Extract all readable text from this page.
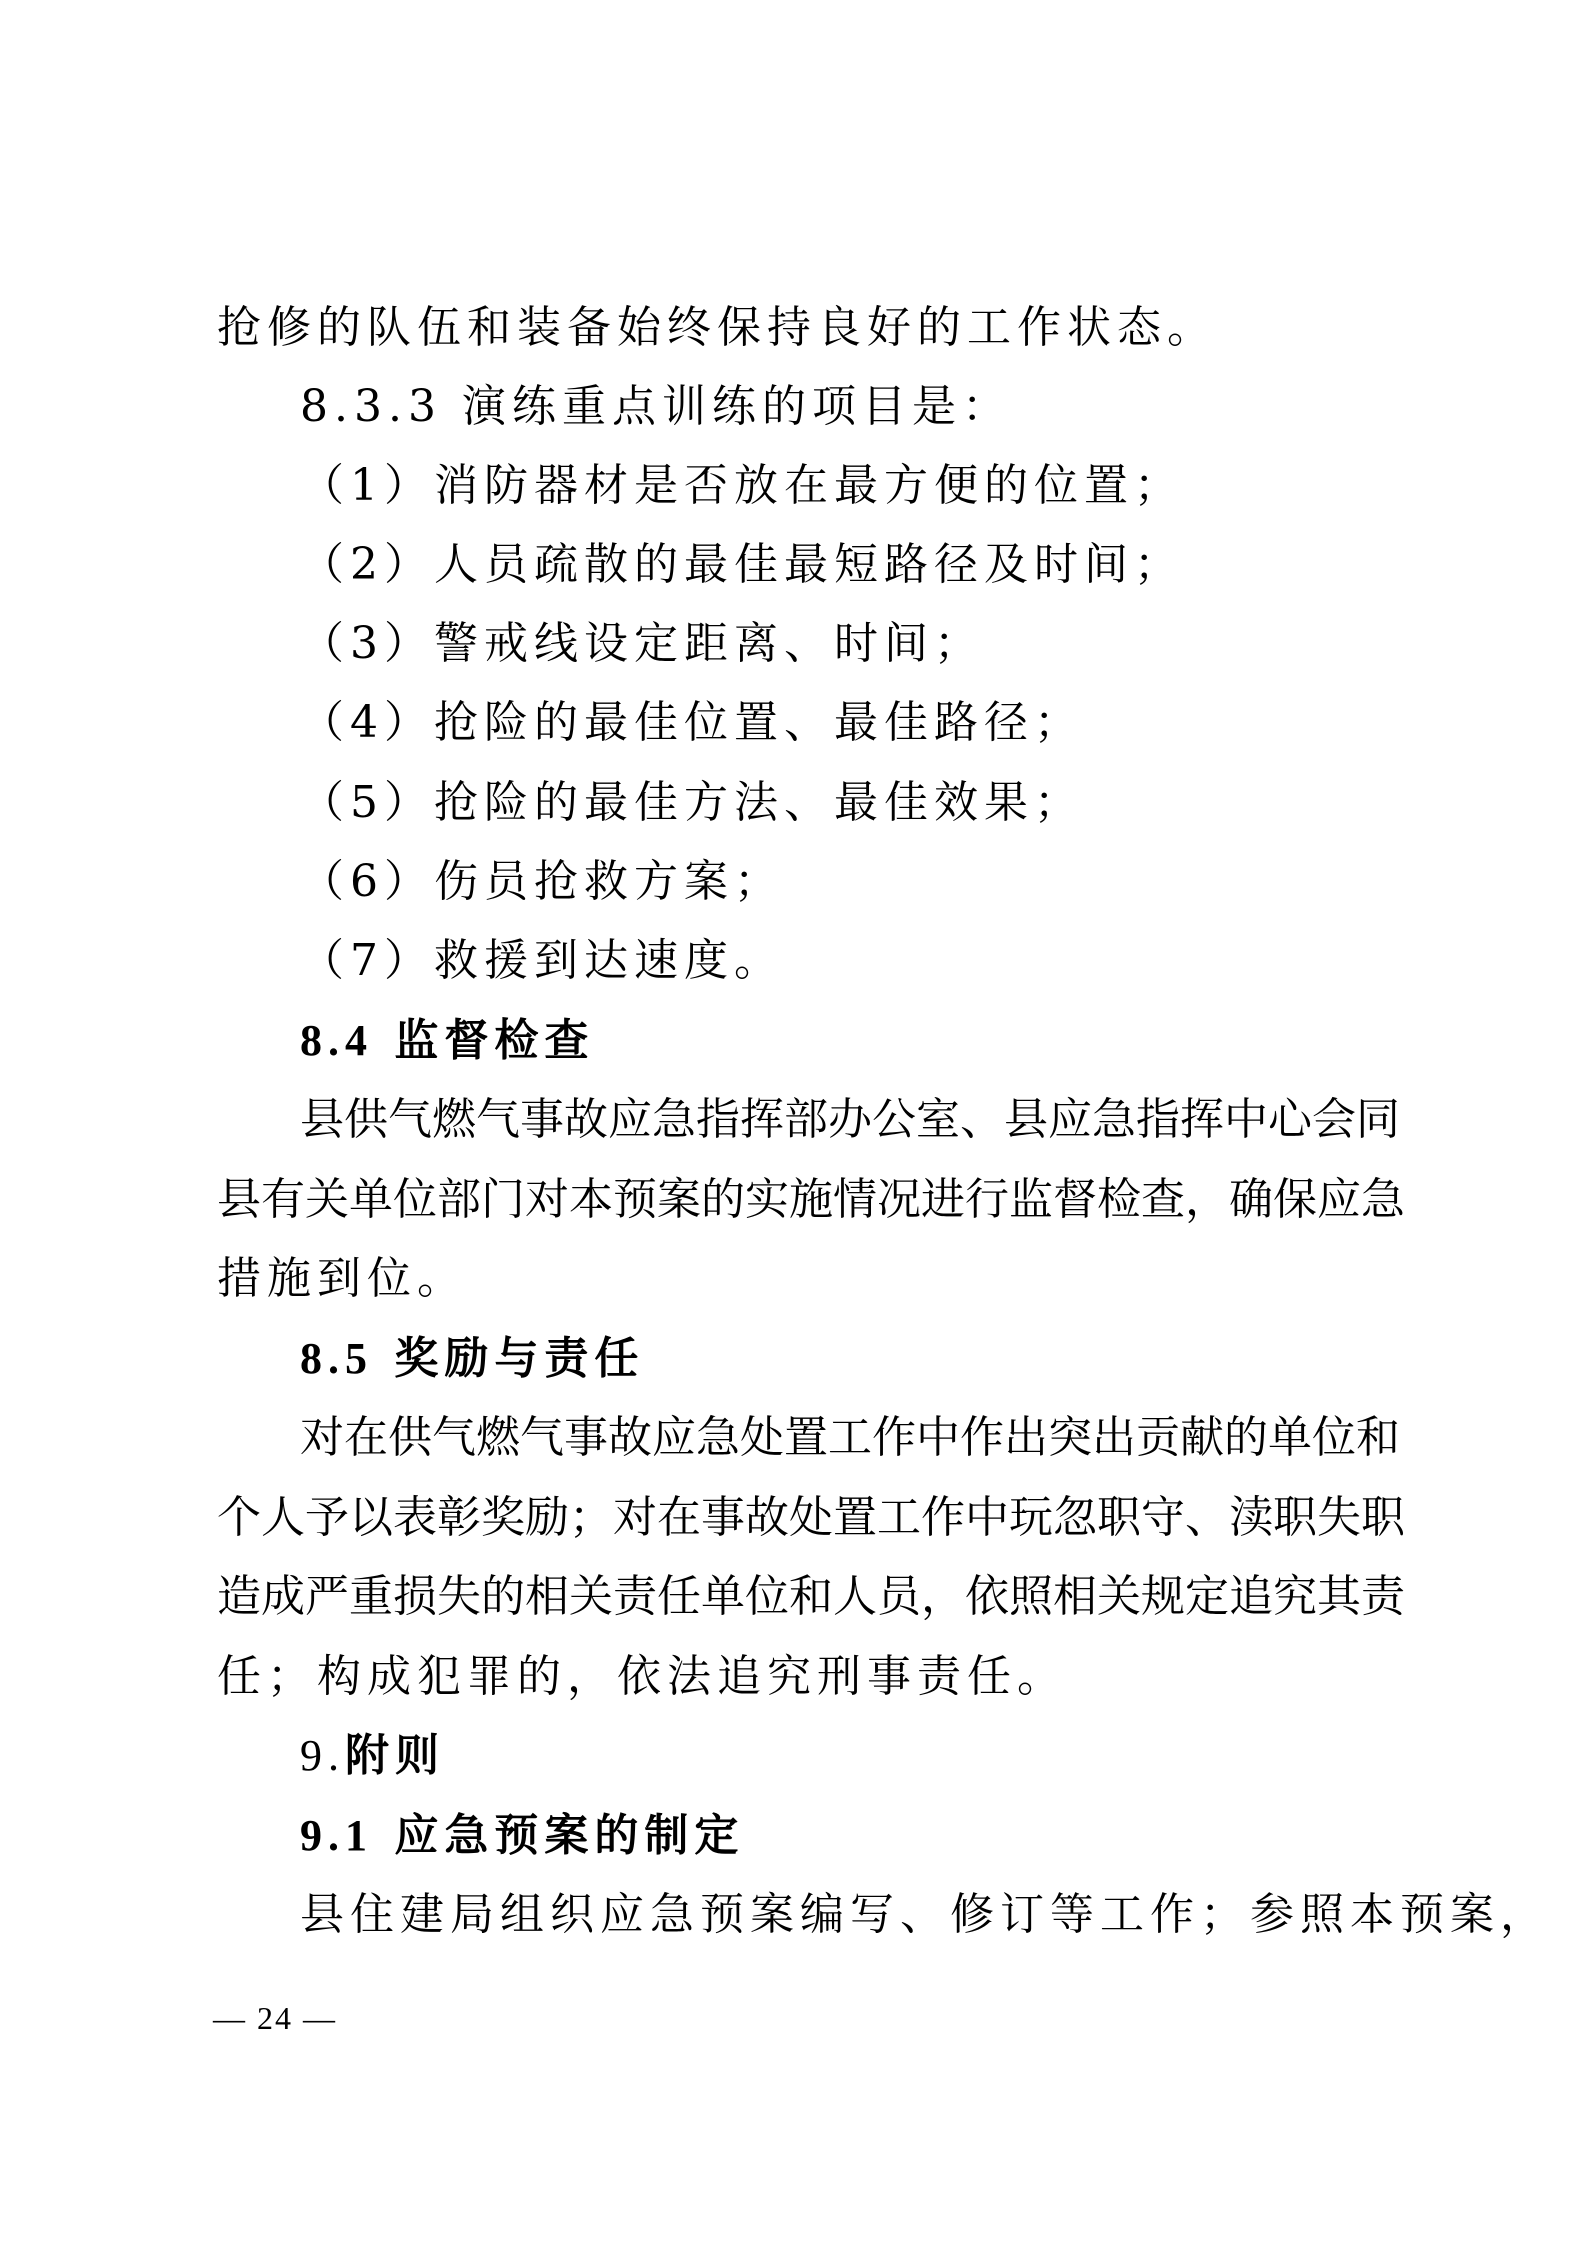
抢修的队伍和装备始终保持良好的工作状态。
8.3.3 演练重点训练的项目是：
（1）消防器材是否放在最方便的位置；
（2）人员疏散的最佳最短路径及时间；
（3）警戒线设定距离、时间；
（4）抢险的最佳位置、最佳路径；
（5）抢险的最佳方法、最佳效果；
（6）伤员抢救方案；
（7）救援到达速度。
8.4 监督检查
县供气燃气事故应急指挥部办公室、县应急指挥中心会同
县有关单位部门对本预案的实施情况进行监督检查，确保应急
措施到位。
8.5 奖励与责任
对在供气燃气事故应急处置工作中作出突出贡献的单位和
个人予以表彰奖励；对在事故处置工作中玩忽职守、渎职失职
造成严重损失的相关责任单位和人员，依照相关规定追究其责
任；构成犯罪的，依法追究刑事责任。
9.附则
9.1 应急预案的制定
县住建局组织应急预案编写、修订等工作；参照本预案，
— 24 —
